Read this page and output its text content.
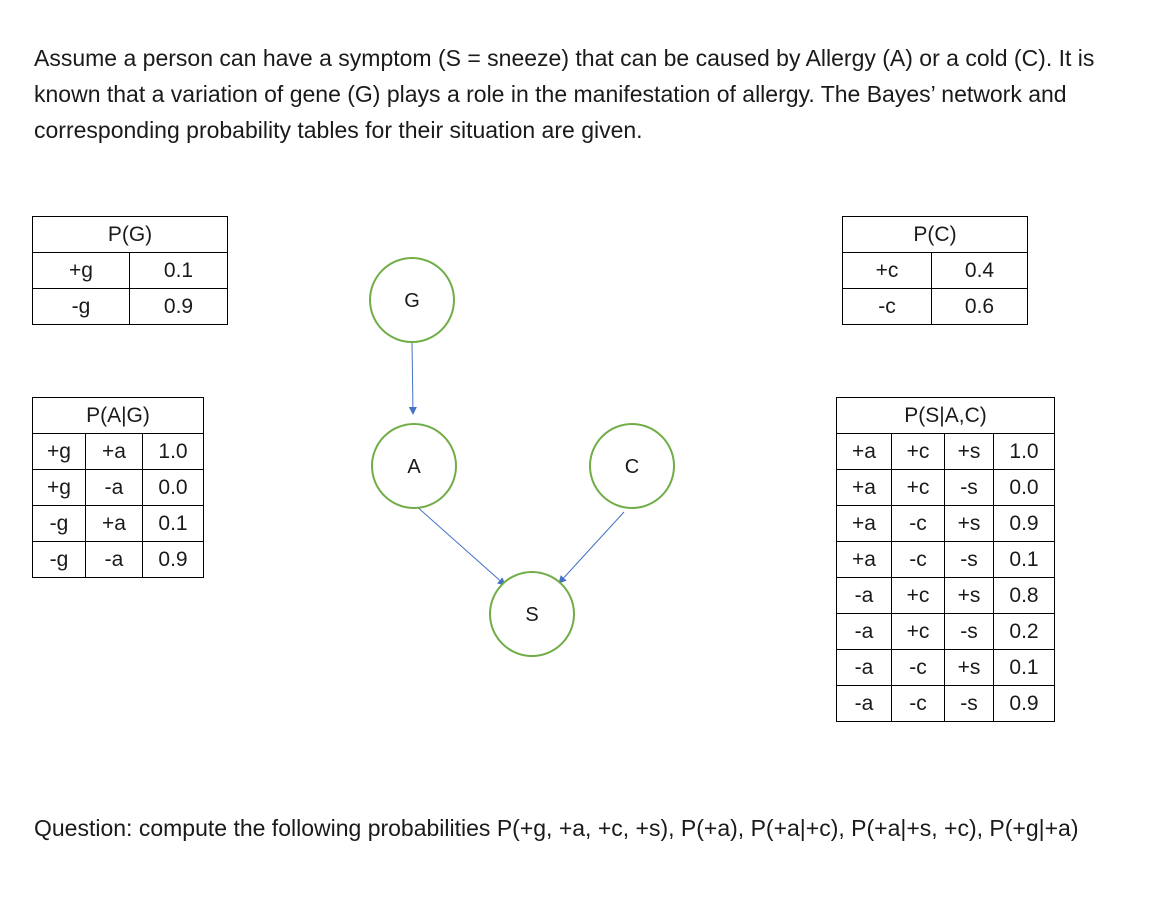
Assume a person can have a symptom (S = sneeze) that can be caused by Allergy (A) or a cold (C). It is known that a variation of gene (G) plays a role in the manifestation of allergy. The Bayes’ network and corresponding probability tables for their situation are given.

P(G)	
+g	0.1
-g	0.9
P(A|G)		
+g	+a	1.0
+g	-a	0.0
-g	+a	0.1
-g	-a	0.9
P(C)	
+c	0.4
-c	0.6
P(S|A,C)			
+a	+c	+s	1.0
+a	+c	-s	0.0
+a	-c	+s	0.9
+a	-c	-s	0.1
-a	+c	+s	0.8
-a	+c	-s	0.2
-a	-c	+s	0.1
-a	-c	-s	0.9
G
A	C
S

Question: compute the following probabilities P(+g, +a, +c, +s), P(+a), P(+a|+c), P(+a|+s, +c), P(+g|+a)
